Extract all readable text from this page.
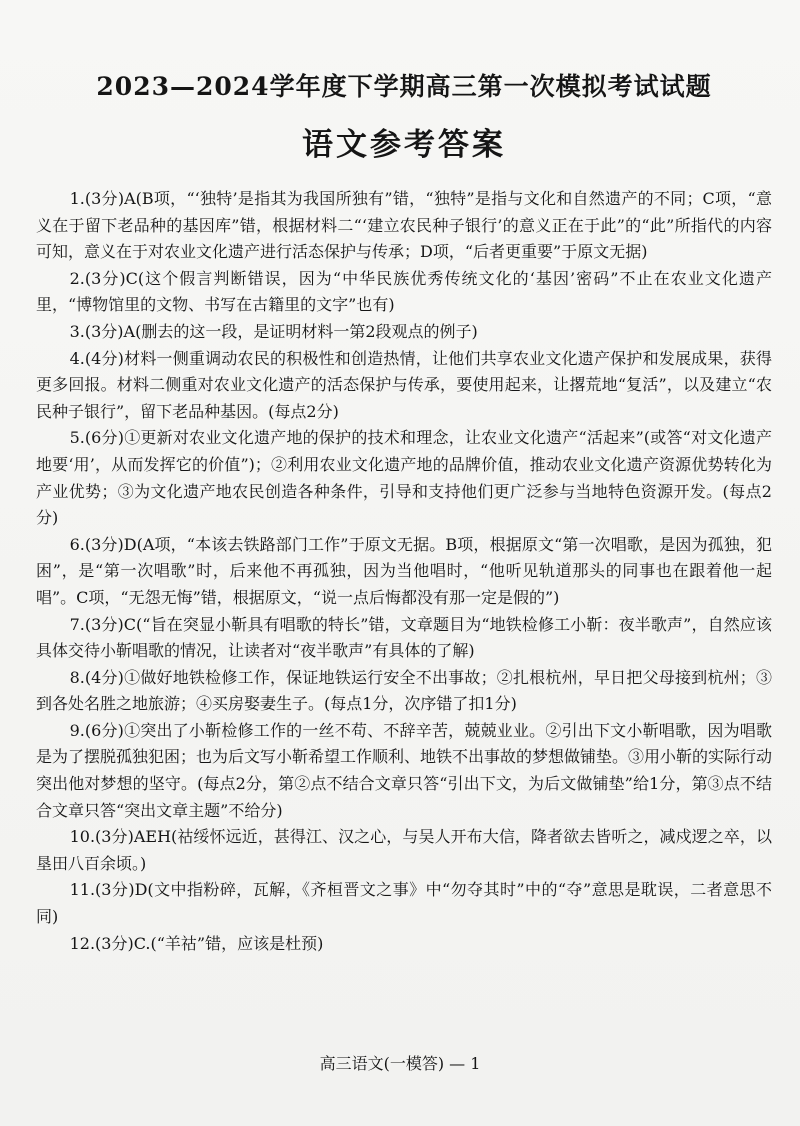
2023—2024学年度下学期高三第一次模拟考试试题
语文参考答案

1.(3分)A(B项，“‘独特’是指其为我国所独有”错，“独特”是指与文化和自然遗产的不同；C项，“意义在于留下老品种的基因库”错，根据材料二“‘建立农民种子银行’的意义正在于此”的“此”所指代的内容可知，意义在于对农业文化遗产进行活态保护与传承；D项，“后者更重要”于原文无据)

2.(3分)C(这个假言判断错误，因为“中华民族优秀传统文化的‘基因’密码”不止在农业文化遗产里，“博物馆里的文物、书写在古籍里的文字”也有)

3.(3分)A(删去的这一段，是证明材料一第2段观点的例子)

4.(4分)材料一侧重调动农民的积极性和创造热情，让他们共享农业文化遗产保护和发展成果，获得更多回报。材料二侧重对农业文化遗产的活态保护与传承，要使用起来，让撂荒地“复活”，以及建立“农民种子银行”，留下老品种基因。(每点2分)

5.(6分)①更新对农业文化遗产地的保护的技术和理念，让农业文化遗产“活起来”(或答“对文化遗产地要‘用’，从而发挥它的价值”)；②利用农业文化遗产地的品牌价值，推动农业文化遗产资源优势转化为产业优势；③为文化遗产地农民创造各种条件，引导和支持他们更广泛参与当地特色资源开发。(每点2分)

6.(3分)D(A项，“本该去铁路部门工作”于原文无据。B项，根据原文“第一次唱歌，是因为孤独，犯困”，是“第一次唱歌”时，后来他不再孤独，因为当他唱时，“他听见轨道那头的同事也在跟着他一起唱”。C项，“无怨无悔”错，根据原文，“说一点后悔都没有那一定是假的”)

7.(3分)C(“旨在突显小靳具有唱歌的特长”错，文章题目为“地铁检修工小靳：夜半歌声”，自然应该具体交待小靳唱歌的情况，让读者对“夜半歌声”有具体的了解)

8.(4分)①做好地铁检修工作，保证地铁运行安全不出事故；②扎根杭州，早日把父母接到杭州；③到各处名胜之地旅游；④买房娶妻生子。(每点1分，次序错了扣1分)

9.(6分)①突出了小靳检修工作的一丝不苟、不辞辛苦，兢兢业业。②引出下文小靳唱歌，因为唱歌是为了摆脱孤独犯困；也为后文写小靳希望工作顺利、地铁不出事故的梦想做铺垫。③用小靳的实际行动突出他对梦想的坚守。(每点2分，第②点不结合文章只答“引出下文，为后文做铺垫”给1分，第③点不结合文章只答“突出文章主题”不给分)

10.(3分)AEH(祜绥怀远近，甚得江、汉之心，与吴人开布大信，降者欲去皆听之，减戍逻之卒，以垦田八百余顷。)

11.(3分)D(文中指粉碎，瓦解，《齐桓晋文之事》中“勿夺其时”中的“夺”意思是耽误，二者意思不同)

12.(3分)C.(“羊祜”错，应该是杜预)

高三语文(一模答) — 1
